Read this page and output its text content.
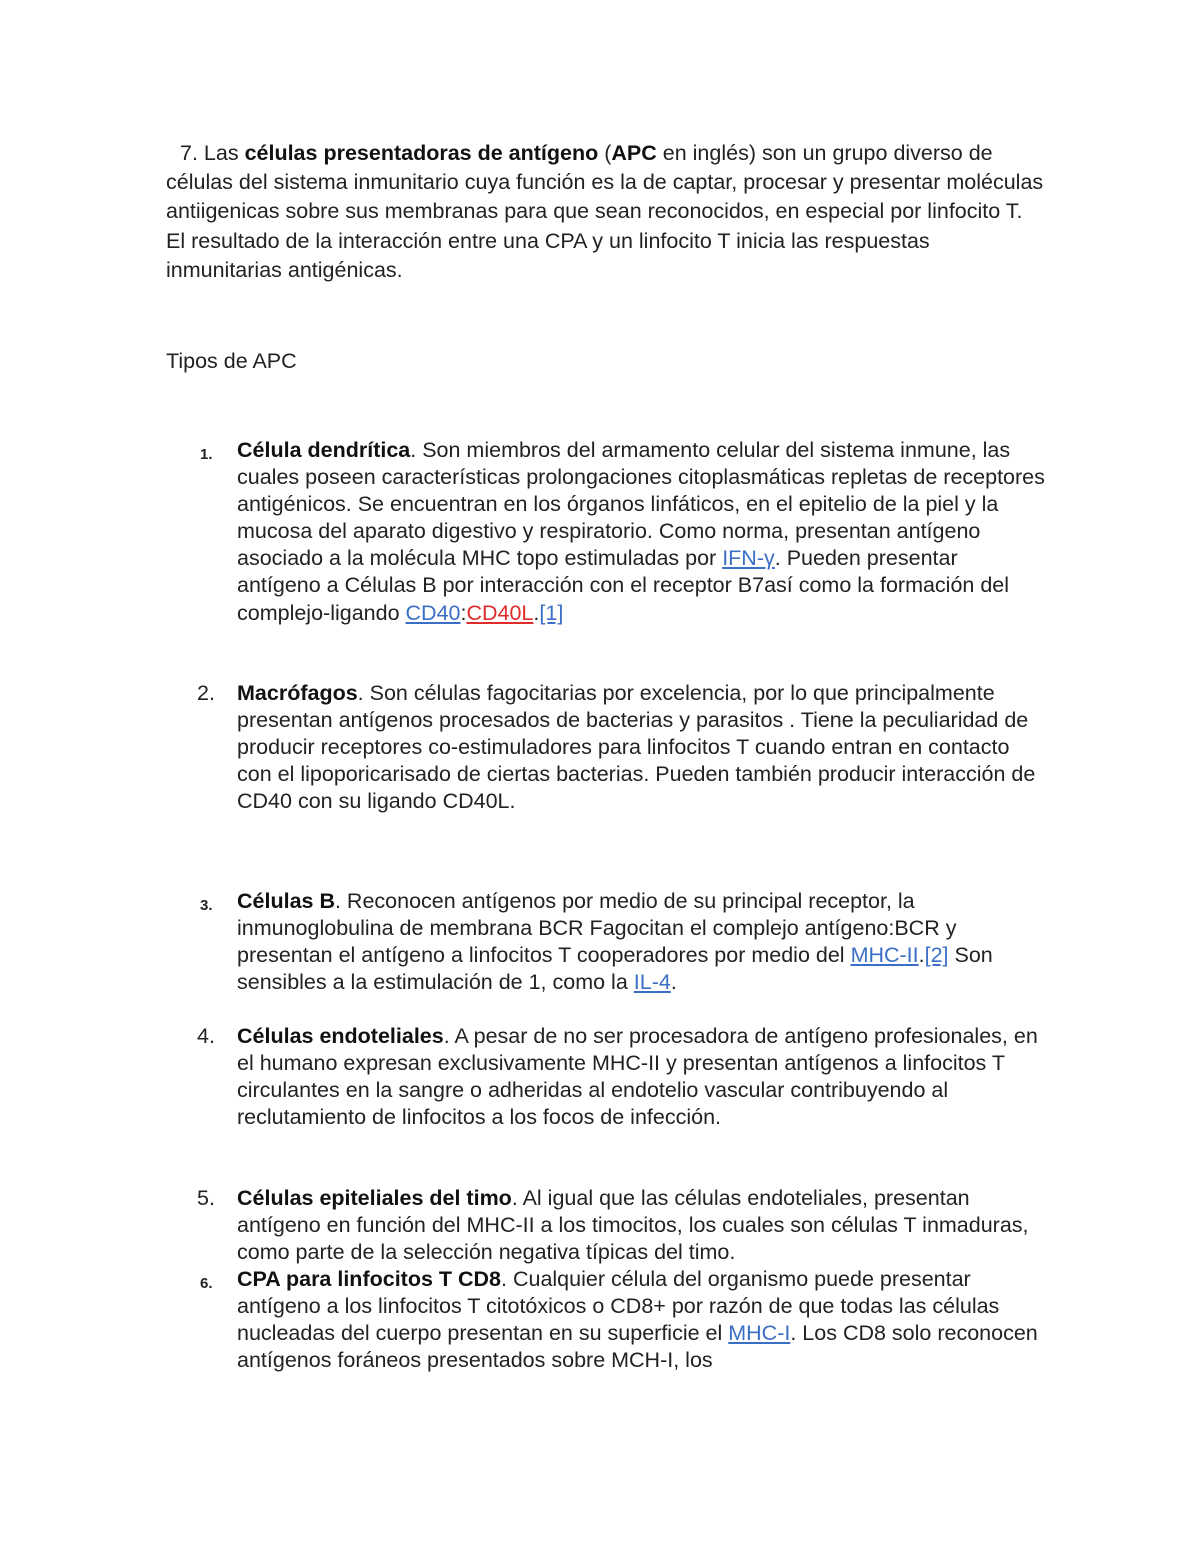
7. Las células presentadoras de antígeno (APC en inglés) son un grupo diverso de células del sistema inmunitario cuya función es la de captar, procesar y presentar moléculas antiigenicas sobre sus membranas para que sean reconocidos, en especial por linfocito T. El resultado de la interacción entre una CPA y un linfocito T inicia las respuestas inmunitarias antigénicas.

Tipos de APC

1.	Célula dendrítica. Son miembros del armamento celular del sistema inmune, las cuales poseen características prolongaciones citoplasmáticas repletas de receptores antigénicos. Se encuentran en los órganos linfáticos, en el epitelio de la piel y la mucosa del aparato digestivo y respiratorio. Como norma, presentan antígeno asociado a la molécula MHC topo estimuladas por IFN-γ. Pueden presentar antígeno a Células B por interacción con el receptor B7así como la formación del complejo-ligando CD40:CD40L.[1]

2.	Macrófagos. Son células fagocitarias por excelencia, por lo que principalmente presentan antígenos procesados de bacterias y parasitos . Tiene la peculiaridad de producir receptores co-estimuladores para linfocitos T cuando entran en contacto con el lipoporicarisado de ciertas bacterias. Pueden también producir interacción de CD40 con su ligando CD40L.

3.	Células B. Reconocen antígenos por medio de su principal receptor, la inmunoglobulina de membrana BCR Fagocitan el complejo antígeno:BCR y presentan el antígeno a linfocitos T cooperadores por medio del MHC-II.[2] Son sensibles a la estimulación de 1, como la IL-4.

4.	Células endoteliales. A pesar de no ser procesadora de antígeno profesionales, en el humano expresan exclusivamente MHC-II y presentan antígenos a linfocitos T circulantes en la sangre o adheridas al endotelio vascular contribuyendo al reclutamiento de linfocitos a los focos de infección.

5.	Células epiteliales del timo. Al igual que las células endoteliales, presentan antígeno en función del MHC-II a los timocitos, los cuales son células T inmaduras, como parte de la selección negativa típicas del timo.

6.	CPA para linfocitos T CD8. Cualquier célula del organismo puede presentar antígeno a los linfocitos T citotóxicos o CD8+ por razón de que todas las células nucleadas del cuerpo presentan en su superficie el MHC-I. Los CD8 solo reconocen antígenos foráneos presentados sobre MCH-I, los
